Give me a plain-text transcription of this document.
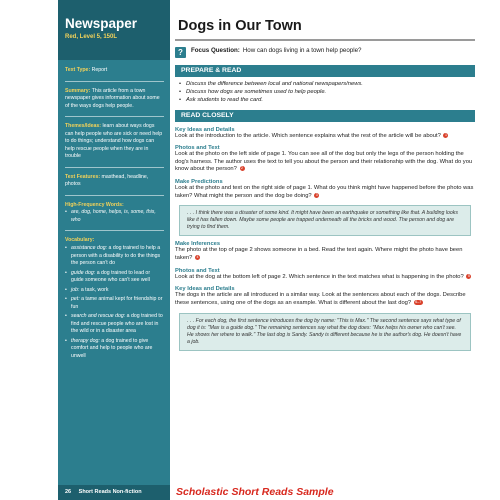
Newspaper
Red, Level 5, 150L
Text Type: Report
Summary: This article from a town newspaper gives information about some of the ways dogs help people.
Themes/Ideas: learn about ways dogs can help people who are sick or need help to do things; understand how dogs can help rescue people when they are in trouble
Text Features: masthead, headline, photos
High-Frequency Words:
• are, dog, home, helps, is, some, this, who
Vocabulary:
• assistance dog: a dog trained to help a person with a disability to do the things the person can't do
• guide dog: a dog trained to lead or guide someone who can't see well
• job: a task, work
• pet: a tame animal kept for friendship or fun
• search and rescue dog: a dog trained to find and rescue people who are lost in the wild or in a disaster area
• therapy dog: a dog trained to give comfort and help to people who are unwell
Dogs in Our Town
?	Focus Question: How can dogs living in a town help people?
PREPARE & READ
• Discuss the difference between local and national newspapers/news.
• Discuss how dogs are sometimes used to help people.
• Ask students to read the card.
READ CLOSELY
Key Ideas and Details
Look at the introduction to the article. Which sentence explains what the rest of the article will be about? 1
Photos and Text
Look at the photo on the left side of page 1. You can see all of the dog but only the legs of the person holding the dog's harness. The author uses the text to tell you about the person and their relationship with the dog. What do you know about the person? 2
Make Predictions
Look at the photo and text on the right side of page 1. What do you think might have happened before the photo was taken? What might the person and the dog be doing? 3
. . . I think there was a disaster of some kind. It might have been an earthquake or something like that. A building looks like it has fallen down. Maybe some people are trapped underneath all the bricks and wood. The person and dog are trying to find them.
Make Inferences
The photo at the top of page 2 shows someone in a bed. Read the text again. Where might the photo have been taken? 4
Photos and Text
Look at the dog at the bottom left of page 2. Which sentence in the text matches what is happening in the photo? 5
Key Ideas and Details
The dogs in the article are all introduced in a similar way. Look at the sentences about each of the dogs. Describe these sentences, using one of the dogs as an example. What is different about the last dog? 6–7
. . . For each dog, the first sentence introduces the dog by name: "This is Max." The second sentence says what type of dog it is: "Max is a guide dog." The remaining sentences say what the dog does: "Max helps his owner who can't see. He shows her where to walk." The last dog is Sandy. Sandy is different because he is the author's dog. He doesn't have a job.
26 Short Reads Non-fiction	Scholastic Short Reads Sample
